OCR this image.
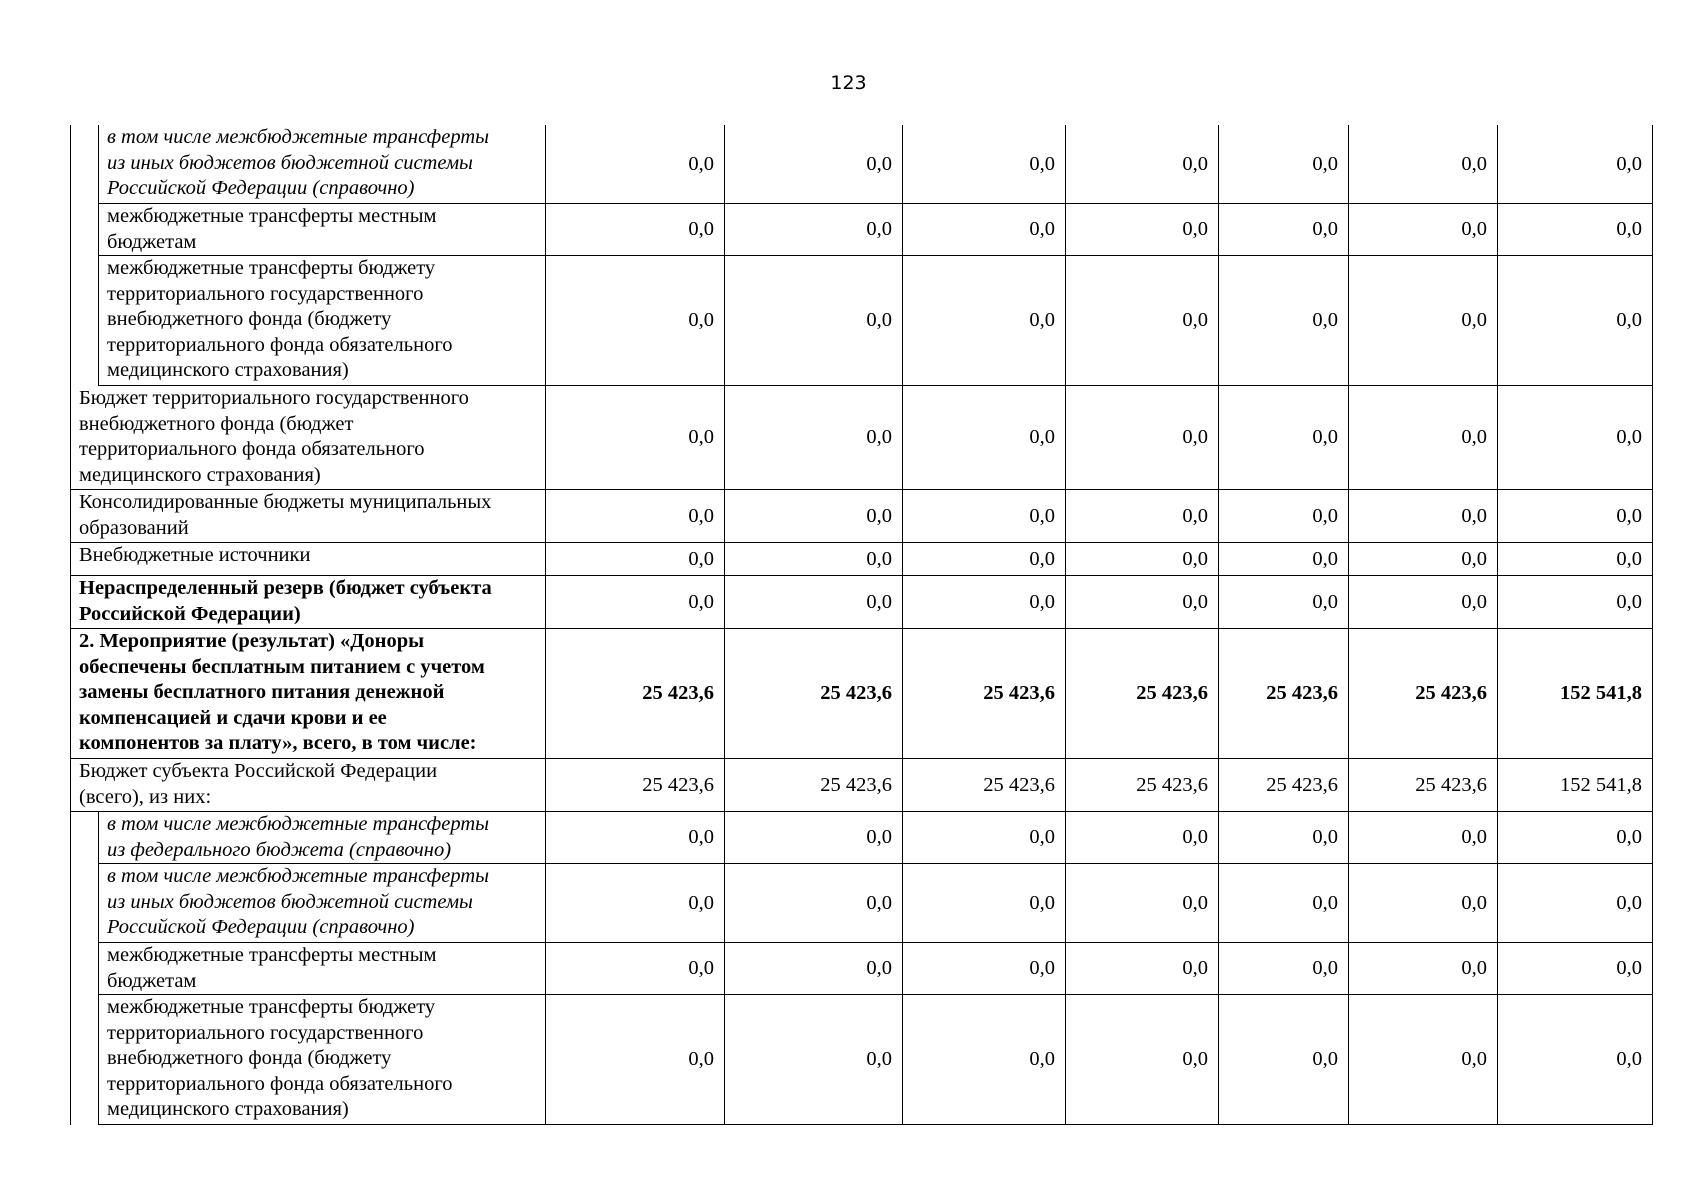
123
в том числе межбюджетные трансферты
из иных бюджетов бюджетной системы
Российской Федерации (справочно)
0,0	0,0	0,0	0,0	0,0	0,0	0,0
межбюджетные трансферты местным
бюджетам
0,0	0,0	0,0	0,0	0,0	0,0	0,0
межбюджетные трансферты бюджету
территориального государственного
внебюджетного фонда (бюджету
территориального фонда обязательного
медицинского страхования)
0,0	0,0	0,0	0,0	0,0	0,0	0,0
Бюджет территориального государственного
внебюджетного фонда (бюджет
территориального фонда обязательного
медицинского страхования)
0,0	0,0	0,0	0,0	0,0	0,0	0,0
Консолидированные бюджеты муниципальных
образований
0,0	0,0	0,0	0,0	0,0	0,0	0,0
Внебюджетные источники	0,0	0,0	0,0	0,0	0,0	0,0	0,0
Нераспределенный резерв (бюджет субъекта
Российской Федерации)
0,0	0,0	0,0	0,0	0,0	0,0	0,0
2. Мероприятие (результат) «Доноры
обеспечены бесплатным питанием с учетом
замены бесплатного питания денежной
компенсацией и сдачи крови и ее
компонентов за плату», всего, в том числе:
25 423,6	25 423,6	25 423,6	25 423,6	25 423,6	25 423,6	152 541,8
Бюджет субъекта Российской Федерации
(всего), из них:
25 423,6	25 423,6	25 423,6	25 423,6	25 423,6	25 423,6	152 541,8
в том числе межбюджетные трансферты
из федерального бюджета (справочно)
0,0	0,0	0,0	0,0	0,0	0,0	0,0
в том числе межбюджетные трансферты
из иных бюджетов бюджетной системы
Российской Федерации (справочно)
0,0	0,0	0,0	0,0	0,0	0,0	0,0
межбюджетные трансферты местным
бюджетам
0,0	0,0	0,0	0,0	0,0	0,0	0,0
межбюджетные трансферты бюджету
территориального государственного
внебюджетного фонда (бюджету
территориального фонда обязательного
медицинского страхования)
0,0	0,0	0,0	0,0	0,0	0,0	0,0
